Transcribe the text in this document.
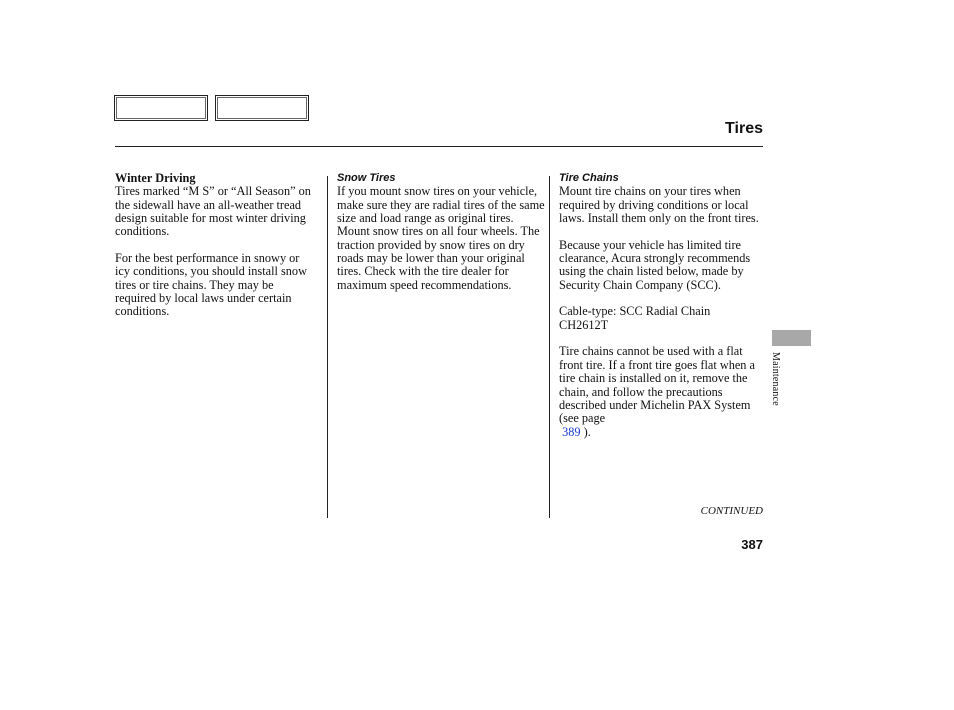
Tires
Winter Driving

Tires marked “M S” or “All Season” on the sidewall have an all-weather tread design suitable for most winter driving conditions.

For the best performance in snowy or icy conditions, you should install snow tires or tire chains. They may be required by local laws under certain conditions.

Snow Tires

If you mount snow tires on your vehicle, make sure they are radial tires of the same size and load range as original tires. Mount snow tires on all four wheels. The traction provided by snow tires on dry roads may be lower than your original tires. Check with the tire dealer for maximum speed recommendations.

Tire Chains

Mount tire chains on your tires when required by driving conditions or local laws. Install them only on the front tires.

Because your vehicle has limited tire clearance, Acura strongly recommends using the chain listed below, made by Security Chain Company (SCC).

Cable-type: SCC Radial Chain
CH2612T

Tire chains cannot be used with a flat front tire. If a front tire goes flat when a tire chain is installed on it, remove the chain, and follow the precautions described under Michelin PAX System (see page
389 ).

CONTINUED
387
Maintenance
